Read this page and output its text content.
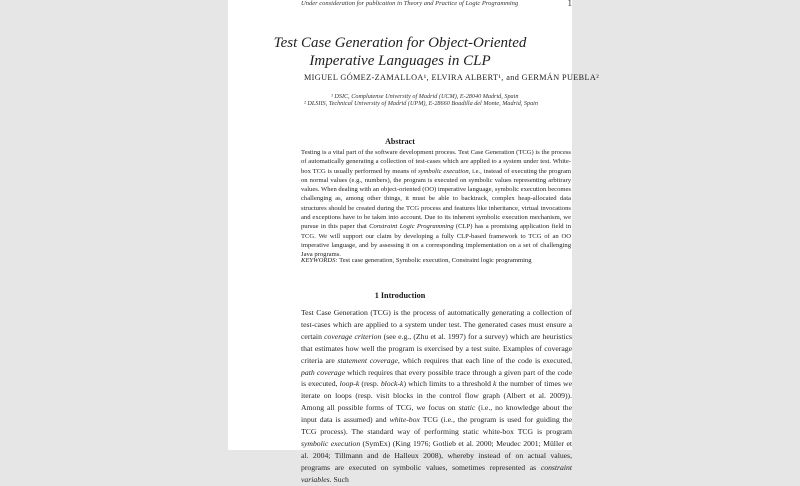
Under consideration for publication in Theory and Practice of Logic Programming	1
Test Case Generation for Object-Oriented
Imperative Languages in CLP
MIGUEL GÓMEZ-ZAMALLOA¹, ELVIRA ALBERT¹, and GERMÁN PUEBLA²
¹ DSIC, Complutense University of Madrid (UCM), E-28040 Madrid, Spain
² DLSIIS, Technical University of Madrid (UPM), E-28660 Boadilla del Monte, Madrid, Spain
Abstract
Testing is a vital part of the software development process. Test Case Generation (TCG) is the process of automatically generating a collection of test-cases which are applied to a system under test. White-box TCG is usually performed by means of symbolic execution, i.e., instead of executing the program on normal values (e.g., numbers), the program is executed on symbolic values representing arbitrary values. When dealing with an object-oriented (OO) imperative language, symbolic execution becomes challenging as, among other things, it must be able to backtrack, complex heap-allocated data structures should be created during the TCG process and features like inheritance, virtual invocations and exceptions have to be taken into account. Due to its inherent symbolic execution mechanism, we pursue in this paper that Constraint Logic Programming (CLP) has a promising application field in TCG. We will support our claim by developing a fully CLP-based framework to TCG of an OO imperative language, and by assessing it on a corresponding implementation on a set of challenging Java programs.
KEYWORDS: Test case generation, Symbolic execution, Constraint logic programming
1 Introduction
Test Case Generation (TCG) is the process of automatically generating a collection of test-cases which are applied to a system under test. The generated cases must ensure a certain coverage criterion (see e.g., (Zhu et al. 1997) for a survey) which are heuristics that estimates how well the program is exercised by a test suite. Examples of coverage criteria are statement coverage, which requires that each line of the code is executed, path coverage which requires that every possible trace through a given part of the code is executed, loop-k (resp. block-k) which limits to a threshold k the number of times we iterate on loops (resp. visit blocks in the control flow graph (Albert et al. 2009)). Among all possible forms of TCG, we focus on static (i.e., no knowledge about the input data is assumed) and white-box TCG (i.e., the program is used for guiding the TCG process). The standard way of performing static white-box TCG is program symbolic execution (SymEx) (King 1976; Gotlieb et al. 2000; Meudec 2001; Müller et al. 2004; Tillmann and de Halleux 2008), whereby instead of on actual values, programs are executed on symbolic values, sometimes represented as constraint variables. Such
